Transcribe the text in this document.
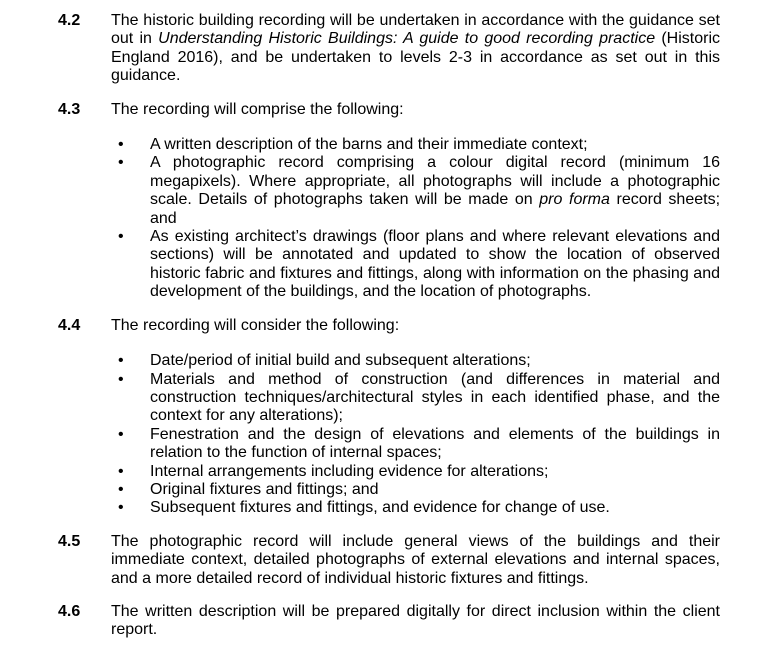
4.2	The historic building recording will be undertaken in accordance with the guidance set out in Understanding Historic Buildings: A guide to good recording practice (Historic England 2016), and be undertaken to levels 2-3 in accordance as set out in this guidance.
4.3	The recording will comprise the following:
•	A written description of the barns and their immediate context;
•	A photographic record comprising a colour digital record (minimum 16 megapixels). Where appropriate, all photographs will include a photographic scale. Details of photographs taken will be made on pro forma record sheets; and
•	As existing architect’s drawings (floor plans and where relevant elevations and sections) will be annotated and updated to show the location of observed historic fabric and fixtures and fittings, along with information on the phasing and development of the buildings, and the location of photographs.
4.4	The recording will consider the following:
•	Date/period of initial build and subsequent alterations;
•	Materials and method of construction (and differences in material and construction techniques/architectural styles in each identified phase, and the context for any alterations);
•	Fenestration and the design of elevations and elements of the buildings in relation to the function of internal spaces;
•	Internal arrangements including evidence for alterations;
•	Original fixtures and fittings; and
•	Subsequent fixtures and fittings, and evidence for change of use.
4.5	The photographic record will include general views of the buildings and their immediate context, detailed photographs of external elevations and internal spaces, and a more detailed record of individual historic fixtures and fittings.
4.6	The written description will be prepared digitally for direct inclusion within the client report.
